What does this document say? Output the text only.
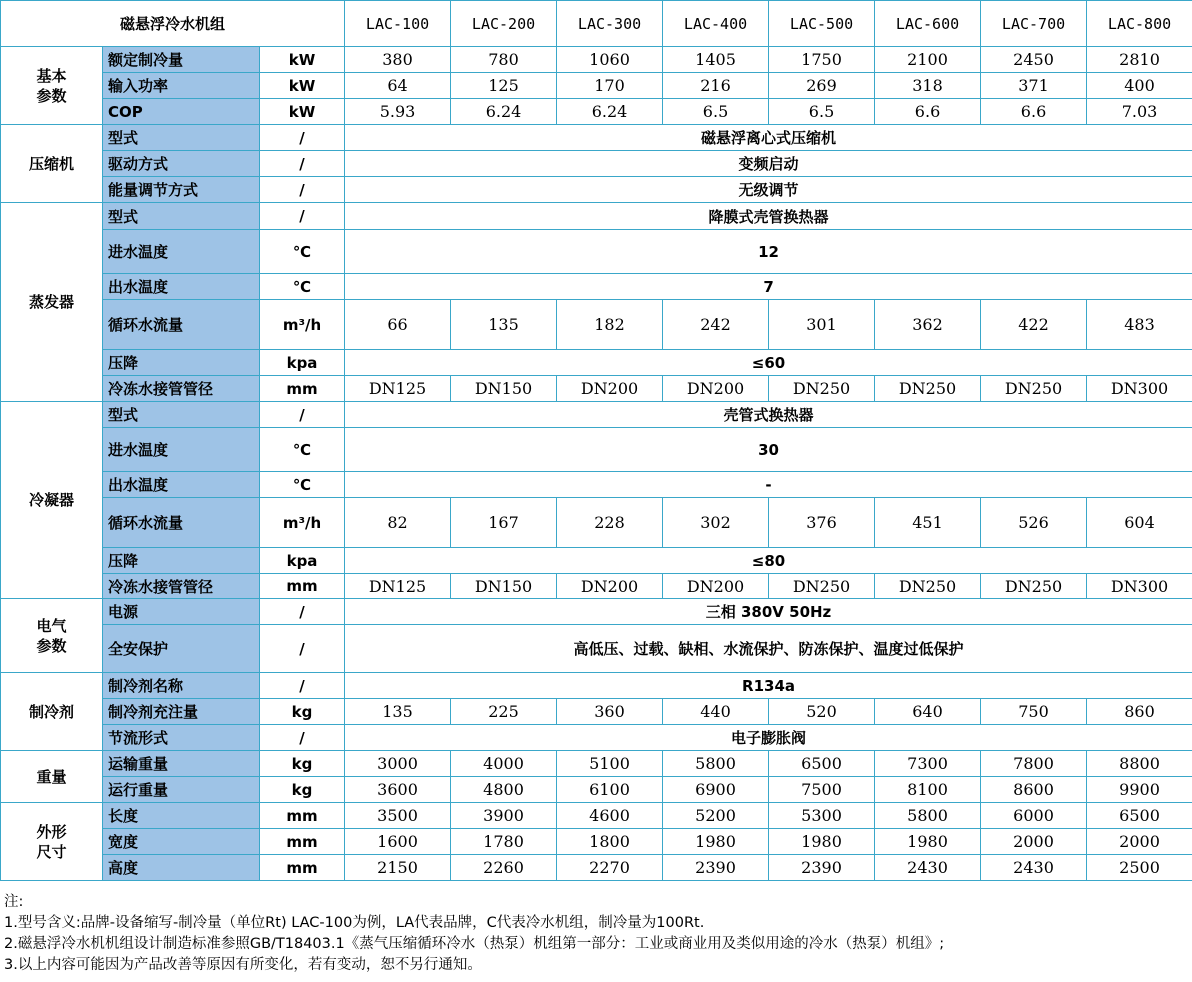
磁悬浮冷水机组			LAC-100	LAC-200	LAC-300	LAC-400	LAC-500	LAC-600	LAC-700	LAC-800
基本
参数	额定制冷量	kW	380	780	1060	1405	1750	2100	2450	2810
	输入功率	kW	64	125	170	216	269	318	371	400
	COP	kW	5.93	6.24	6.24	6.5	6.5	6.6	6.6	7.03
压缩机	型式	/	磁悬浮离心式压缩机							
	驱动方式	/	变频启动							
	能量调节方式	/	无级调节							
蒸发器	型式	/	降膜式壳管换热器							
	进水温度	℃	12							
	出水温度	℃	7							
	循环水流量	m³/h	66	135	182	242	301	362	422	483
	压降	kpa	≤60							
	冷冻水接管管径	mm	DN125	DN150	DN200	DN200	DN250	DN250	DN250	DN300
冷凝器	型式	/	壳管式换热器							
	进水温度	℃	30							
	出水温度	℃	-							
	循环水流量	m³/h	82	167	228	302	376	451	526	604
	压降	kpa	≤80							
	冷冻水接管管径	mm	DN125	DN150	DN200	DN200	DN250	DN250	DN250	DN300
电气
参数	电源	/	三相 380V 50Hz							
	全安保护	/	高低压、过载、缺相、水流保护、防冻保护、温度过低保护							
制冷剂	制冷剂名称	/	R134a							
	制冷剂充注量	kg	135	225	360	440	520	640	750	860
	节流形式	/	电子膨胀阀							
重量	运输重量	kg	3000	4000	5100	5800	6500	7300	7800	8800
	运行重量	kg	3600	4800	6100	6900	7500	8100	8600	9900
外形
尺寸	长度	mm	3500	3900	4600	5200	5300	5800	6000	6500
	宽度	mm	1600	1780	1800	1980	1980	1980	2000	2000
	高度	mm	2150	2260	2270	2390	2390	2430	2430	2500
注:
1.型号含义:品牌-设备缩写-制冷量（单位Rt) LAC-100为例，LA代表品牌，C代表冷水机组，制冷量为100Rt.
2.磁悬浮冷水机机组设计制造标准参照GB/T18403.1《蒸气压缩循环冷水（热泵）机组第一部分：工业或商业用及类似用途的冷水（热泵）机组》;
3.以上内容可能因为产品改善等原因有所变化，若有变动，恕不另行通知。
